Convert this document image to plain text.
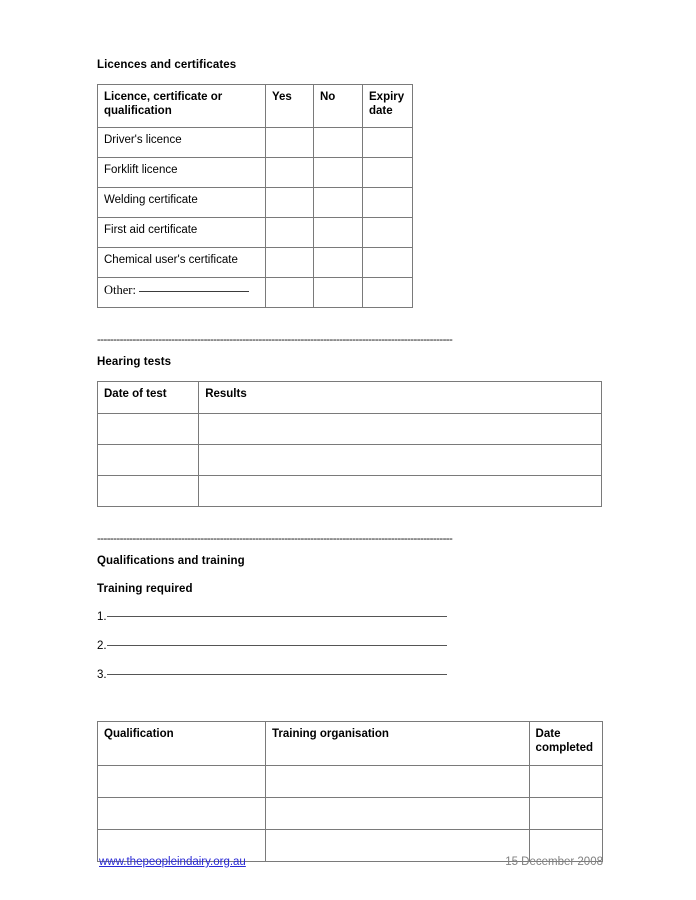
Licences and certificates
Licence, certificate or qualification	Yes	No	Expiry date
Driver's licence			
Forklift licence			
Welding certificate			
First aid certificate			
Chemical user's certificate			
Other:			
--------------------------------------------------------------------------------------------------------------
Hearing tests
Date of test	Results

--------------------------------------------------------------------------------------------------------------
Qualifications and training
Training required
1.
2.
3.
Qualification	Training organisation	Date completed

www.thepeopleindairy.org.au	15 December 2008
